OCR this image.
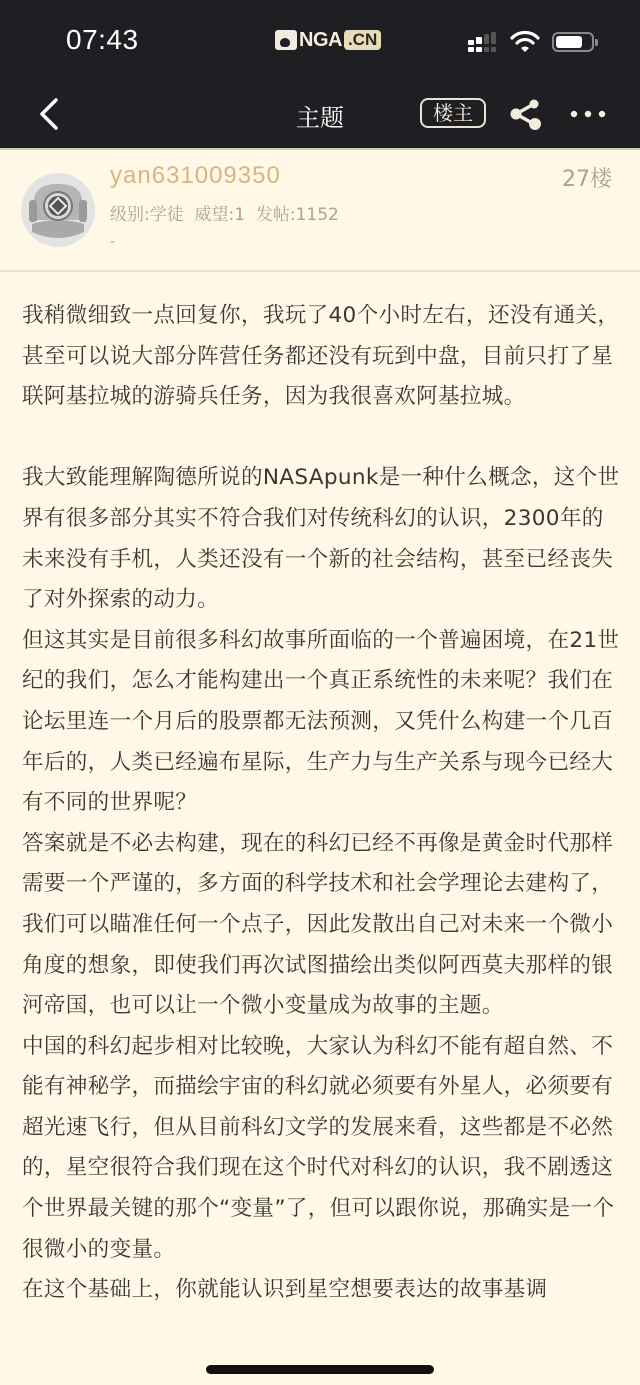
07:43	NGA .CN
主题	楼主
yan631009350
级别:学徒  威望:1  发帖:1152
-
27楼

我稍微细致一点回复你，我玩了40个小时左右，还没有通关，甚至可以说大部分阵营任务都还没有玩到中盘，目前只打了星联阿基拉城的游骑兵任务，因为我很喜欢阿基拉城。

我大致能理解陶德所说的NASApunk是一种什么概念，这个世界有很多部分其实不符合我们对传统科幻的认识，2300年的未来没有手机，人类还没有一个新的社会结构，甚至已经丧失了对外探索的动力。

但这其实是目前很多科幻故事所面临的一个普遍困境，在21世纪的我们，怎么才能构建出一个真正系统性的未来呢？我们在论坛里连一个月后的股票都无法预测，又凭什么构建一个几百年后的，人类已经遍布星际，生产力与生产关系与现今已经大有不同的世界呢？

答案就是不必去构建，现在的科幻已经不再像是黄金时代那样需要一个严谨的，多方面的科学技术和社会学理论去建构了，我们可以瞄准任何一个点子，因此发散出自己对未来一个微小角度的想象，即使我们再次试图描绘出类似阿西莫夫那样的银河帝国，也可以让一个微小变量成为故事的主题。

中国的科幻起步相对比较晚，大家认为科幻不能有超自然、不能有神秘学，而描绘宇宙的科幻就必须要有外星人，必须要有超光速飞行，但从目前科幻文学的发展来看，这些都是不必然的，星空很符合我们现在这个时代对科幻的认识，我不剧透这个世界最关键的那个“变量”了，但可以跟你说，那确实是一个很微小的变量。

在这个基础上，你就能认识到星空想要表达的故事基调
